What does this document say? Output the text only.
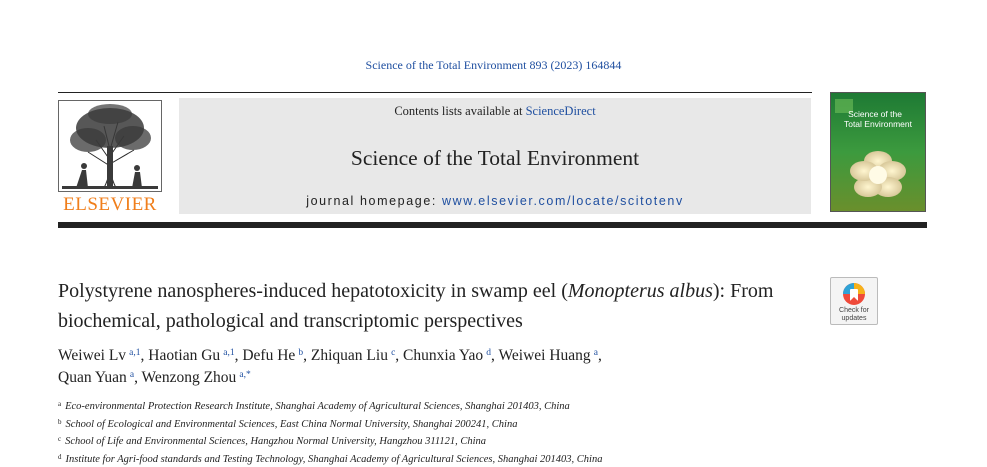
Science of the Total Environment 893 (2023) 164844
ELSEVIER
Contents lists available at ScienceDirect
Science of the Total Environment
journal homepage: www.elsevier.com/locate/scitotenv
Science of the
Total Environment
Polystyrene nanospheres-induced hepatotoxicity in swamp eel (Monopterus albus): From biochemical, pathological and transcriptomic perspectives	Check for
updates
Weiwei Lv  $^{a,1}$, Haotian Gu  $^{a,1}$, Defu He  $^b$, Zhiquan Liu  $^c$, Chunxia Yao  $^d$, Weiwei Huang  $^a$,
Quan Yuan  $^a$, Wenzong Zhou  $^{a,*}$
$^a$ Eco-environmental Protection Research Institute, Shanghai Academy of Agricultural Sciences, Shanghai 201403, China
$^b$ School of Ecological and Environmental Sciences, East China Normal University, Shanghai 200241, China
$^c$ School of Life and Environmental Sciences, Hangzhou Normal University, Hangzhou 311121, China
$^d$ Institute for Agri-food standards and Testing Technology, Shanghai Academy of Agricultural Sciences, Shanghai 201403, China
